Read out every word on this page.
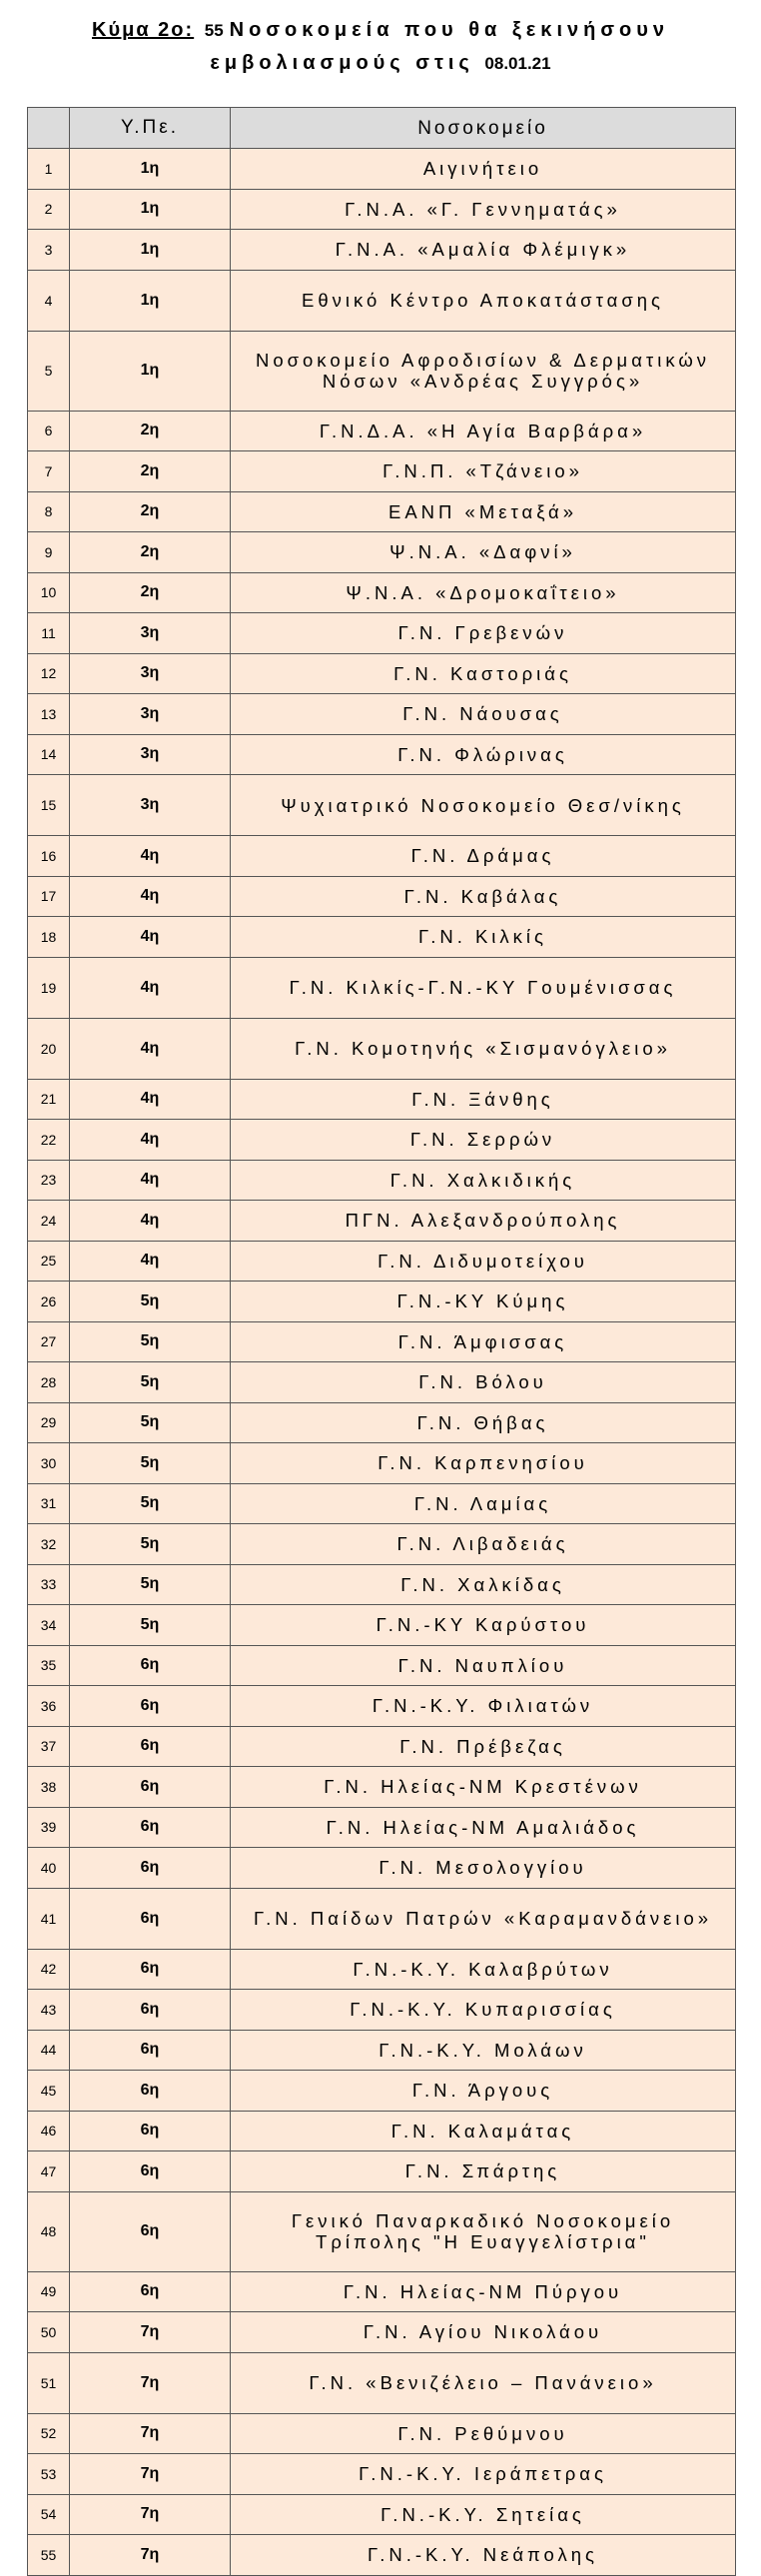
Κύμα 2ο: 55 Νοσοκομεία που θα ξεκινήσουν
εμβολιασμούς στις 08.01.21
	Υ.Πε.	Νοσοκομείο
1	1η	Αιγινήτειο
2	1η	Γ.Ν.Α. «Γ. Γεννηματάς»
3	1η	Γ.Ν.Α. «Αμαλία Φλέμιγκ»
4	1η	Εθνικό Κέντρο Αποκατάστασης
5	1η	Νοσοκομείο Αφροδισίων & Δερματικών Νόσων «Ανδρέας Συγγρός»
6	2η	Γ.Ν.Δ.Α. «Η Αγία Βαρβάρα»
7	2η	Γ.Ν.Π. «Τζάνειο»
8	2η	ΕΑΝΠ «Μεταξά»
9	2η	Ψ.Ν.Α. «Δαφνί»
10	2η	Ψ.Ν.Α. «Δρομοκαΐτειο»
11	3η	Γ.Ν. Γρεβενών
12	3η	Γ.Ν. Καστοριάς
13	3η	Γ.Ν. Νάουσας
14	3η	Γ.Ν. Φλώρινας
15	3η	Ψυχιατρικό Νοσοκομείο Θεσ/νίκης
16	4η	Γ.Ν. Δράμας
17	4η	Γ.Ν. Καβάλας
18	4η	Γ.Ν. Κιλκίς
19	4η	Γ.Ν. Κιλκίς-Γ.Ν.-ΚΥ Γουμένισσας
20	4η	Γ.Ν. Κομοτηνής «Σισμανόγλειο»
21	4η	Γ.Ν. Ξάνθης
22	4η	Γ.Ν. Σερρών
23	4η	Γ.Ν. Χαλκιδικής
24	4η	ΠΓΝ. Αλεξανδρούπολης
25	4η	Γ.Ν. Διδυμοτείχου
26	5η	Γ.Ν.-ΚΥ Κύμης
27	5η	Γ.Ν. Άμφισσας
28	5η	Γ.Ν. Βόλου
29	5η	Γ.Ν. Θήβας
30	5η	Γ.Ν. Καρπενησίου
31	5η	Γ.Ν. Λαμίας
32	5η	Γ.Ν. Λιβαδειάς
33	5η	Γ.Ν. Χαλκίδας
34	5η	Γ.Ν.-ΚΥ Καρύστου
35	6η	Γ.Ν. Ναυπλίου
36	6η	Γ.Ν.-Κ.Υ. Φιλιατών
37	6η	Γ.Ν. Πρέβεζας
38	6η	Γ.Ν. Ηλείας-ΝΜ Κρεστένων
39	6η	Γ.Ν. Ηλείας-ΝΜ Αμαλιάδος
40	6η	Γ.Ν. Μεσολογγίου
41	6η	Γ.Ν. Παίδων Πατρών «Καραμανδάνειο»
42	6η	Γ.Ν.-Κ.Υ. Καλαβρύτων
43	6η	Γ.Ν.-Κ.Υ. Κυπαρισσίας
44	6η	Γ.Ν.-Κ.Υ. Μολάων
45	6η	Γ.Ν. Άργους
46	6η	Γ.Ν. Καλαμάτας
47	6η	Γ.Ν. Σπάρτης
48	6η	Γενικό Παναρκαδικό Νοσοκομείο Τρίπολης "Η Ευαγγελίστρια"
49	6η	Γ.Ν. Ηλείας-ΝΜ Πύργου
50	7η	Γ.Ν. Αγίου Νικολάου
51	7η	Γ.Ν. «Βενιζέλειο – Πανάνειο»
52	7η	Γ.Ν. Ρεθύμνου
53	7η	Γ.Ν.-Κ.Υ. Ιεράπετρας
54	7η	Γ.Ν.-Κ.Υ. Σητείας
55	7η	Γ.Ν.-Κ.Υ. Νεάπολης
